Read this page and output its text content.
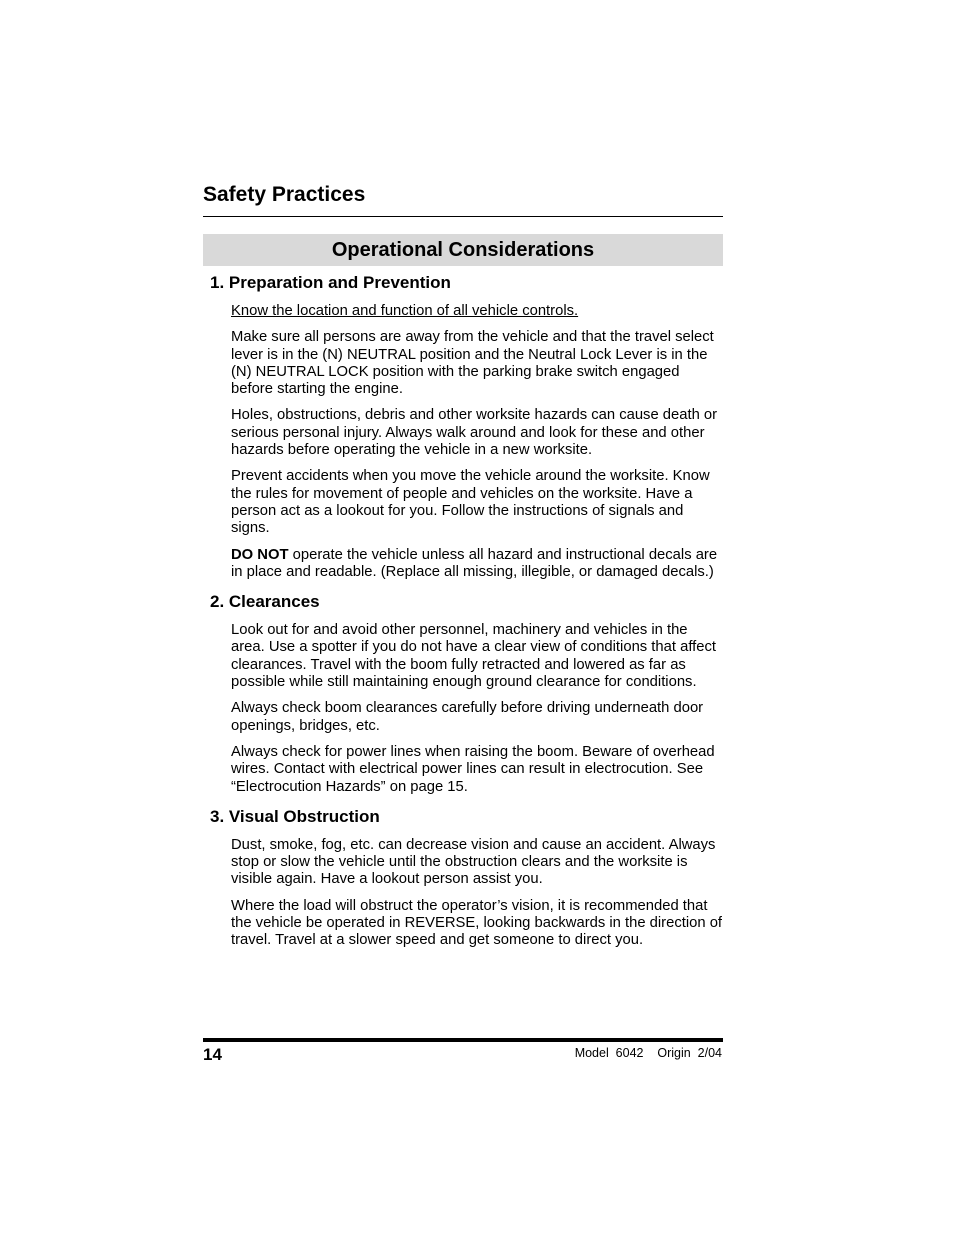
Safety Practices
Operational Considerations
1. Preparation and Prevention

Know the location and function of all vehicle controls.

Make sure all persons are away from the vehicle and that the travel select lever is in the (N) NEUTRAL position and the Neutral Lock Lever is in the (N) NEUTRAL LOCK position with the parking brake switch engaged before starting the engine.

Holes, obstructions, debris and other worksite hazards can cause death or serious personal injury. Always walk around and look for these and other hazards before operating the vehicle in a new worksite.

Prevent accidents when you move the vehicle around the worksite. Know the rules for movement of people and vehicles on the worksite. Have a person act as a lookout for you. Follow the instructions of signals and signs.

DO NOT operate the vehicle unless all hazard and instructional decals are in place and readable. (Replace all missing, illegible, or damaged decals.)

2. Clearances

Look out for and avoid other personnel, machinery and vehicles in the area. Use a spotter if you do not have a clear view of conditions that affect clearances. Travel with the boom fully retracted and lowered as far as possible while still maintaining enough ground clearance for conditions.

Always check boom clearances carefully before driving underneath door openings, bridges, etc.

Always check for power lines when raising the boom. Beware of overhead wires. Contact with electrical power lines can result in electrocution. See “Electrocution Hazards” on page 15.

3. Visual Obstruction

Dust, smoke, fog, etc. can decrease vision and cause an accident. Always stop or slow the vehicle until the obstruction clears and the worksite is visible again. Have a lookout person assist you.

Where the load will obstruct the operator’s vision, it is recommended that the vehicle be operated in REVERSE, looking backwards in the direction of travel. Travel at a slower speed and get someone to direct you.

14	Model  6042    Origin  2/04
